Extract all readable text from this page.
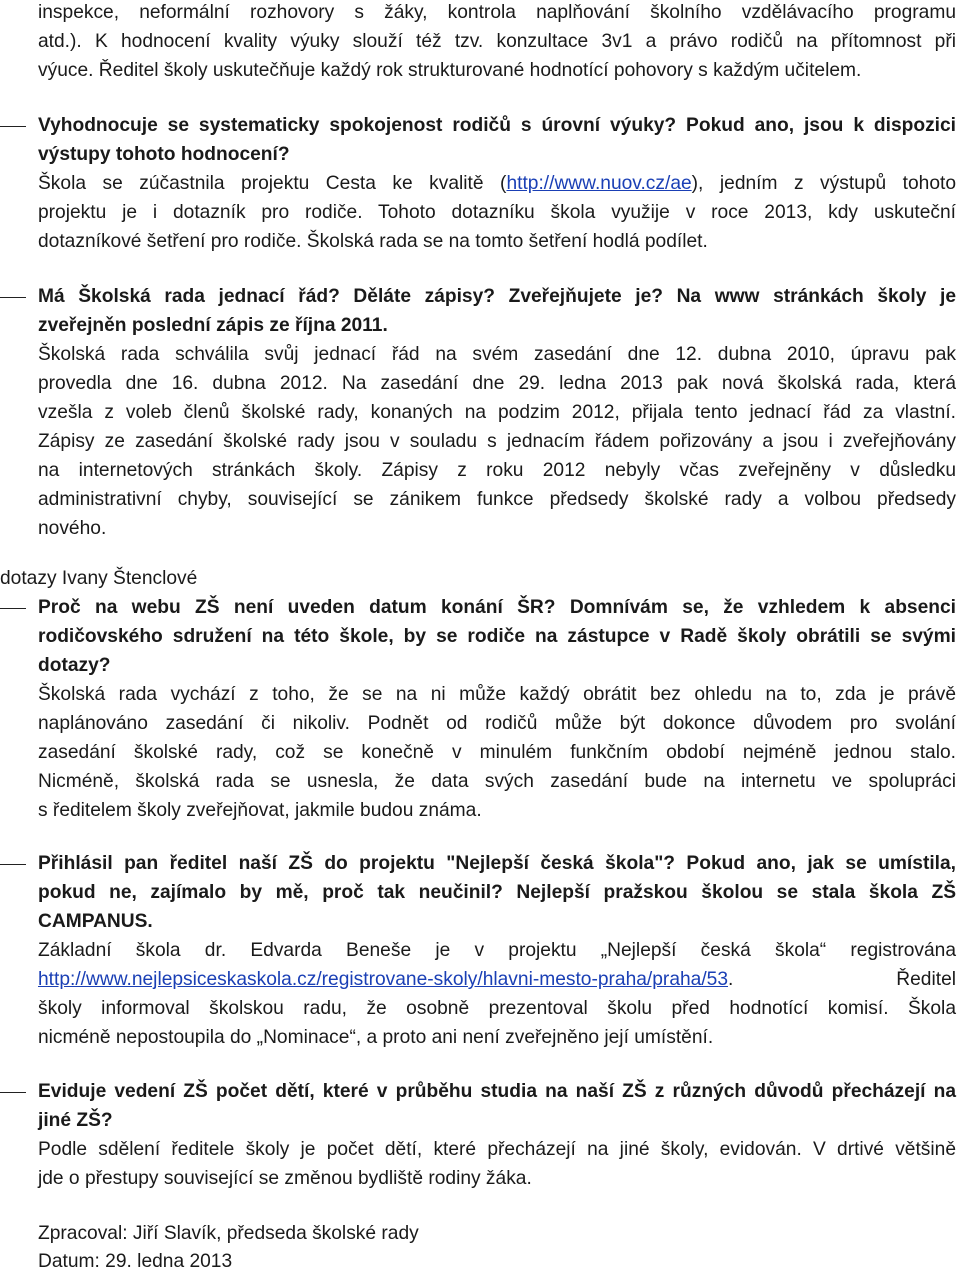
inspekce, neformální rozhovory s žáky, kontrola naplňování školního vzdělávacího programu
atd.). K hodnocení kvality výuky slouží též tzv. konzultace 3v1 a právo rodičů na přítomnost při
výuce. Ředitel školy uskutečňuje každý rok strukturované hodnotící pohovory s každým učitelem.
Vyhodnocuje se systematicky spokojenost rodičů s úrovní výuky? Pokud ano, jsou k dispozici
výstupy tohoto hodnocení?
Škola se zúčastnila projektu Cesta ke kvalitě (http://www.nuov.cz/ae), jedním z výstupů tohoto
projektu je i dotazník pro rodiče. Tohoto dotazníku škola využije v roce 2013, kdy uskuteční
dotazníkové šetření pro rodiče. Školská rada se na tomto šetření hodlá podílet.
Má Školská rada jednací řád? Děláte zápisy? Zveřejňujete je? Na www stránkách školy je
zveřejněn poslední zápis ze října 2011.
Školská rada schválila svůj jednací řád na svém zasedání dne 12. dubna 2010, úpravu pak
provedla dne 16. dubna 2012. Na zasedání dne 29. ledna 2013 pak nová školská rada, která
vzešla z voleb členů školské rady, konaných na podzim 2012, přijala tento jednací řád za vlastní.
Zápisy ze zasedání školské rady jsou v souladu s jednacím řádem pořizovány a jsou i zveřejňovány
na internetových stránkách školy. Zápisy z roku 2012 nebyly včas zveřejněny v důsledku
administrativní chyby, související se zánikem funkce předsedy školské rady a volbou předsedy
nového.
dotazy Ivany Štenclové
Proč na webu ZŠ není uveden datum konání ŠR? Domnívám se, že vzhledem k absenci
rodičovského sdružení na této škole, by se rodiče na zástupce v Radě školy obrátili se svými
dotazy?
Školská rada vychází z toho, že se na ni může každý obrátit bez ohledu na to, zda je právě
naplánováno zasedání či nikoliv. Podnět od rodičů může být dokonce důvodem pro svolání
zasedání školské rady, což se konečně v minulém funkčním období nejméně jednou stalo.
Nicméně, školská rada se usnesla, že data svých zasedání bude na internetu ve spolupráci
s ředitelem školy zveřejňovat, jakmile budou známa.
Přihlásil pan ředitel naší ZŠ do projektu "Nejlepší česká škola"? Pokud ano, jak se umístila,
pokud ne, zajímalo by mě, proč tak neučinil? Nejlepší pražskou školou se stala škola ZŠ
CAMPANUS.
Základní škola dr. Edvarda Beneše je v projektu „Nejlepší česká škola“ registrována
http://www.nejlepsiceskaskola.cz/registrovane-skoly/hlavni-mesto-praha/praha/53. Ředitel
školy informoval školskou radu, že osobně prezentoval školu před hodnotící komisí. Škola
nicméně nepostoupila do „Nominace“, a proto ani není zveřejněno její umístění.
Eviduje vedení ZŠ počet dětí, které v průběhu studia na naší ZŠ z různých důvodů přecházejí na
jiné ZŠ?
Podle sdělení ředitele školy je počet dětí, které přecházejí na jiné školy, evidován. V drtivé většině
jde o přestupy související se změnou bydliště rodiny žáka.
Zpracoval: Jiří Slavík, předseda školské rady
Datum: 29. ledna 2013
